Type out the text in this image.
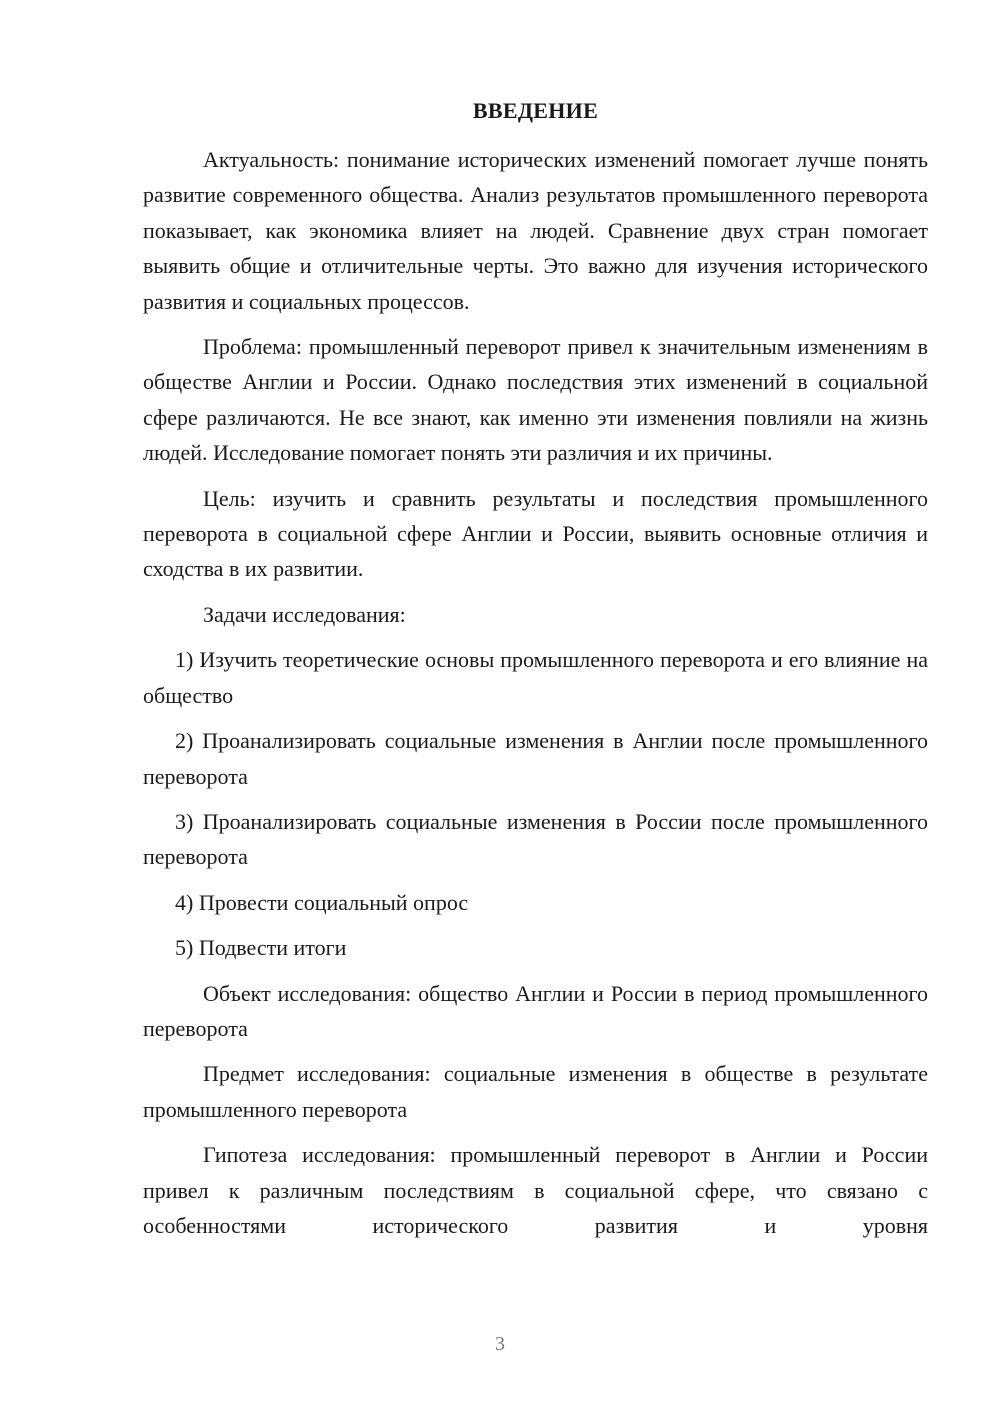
ВВЕДЕНИЕ

Актуальность: понимание исторических изменений помогает лучше понять развитие современного общества. Анализ результатов промышленного переворота показывает, как экономика влияет на людей. Сравнение двух стран помогает выявить общие и отличительные черты. Это важно для изучения исторического развития и социальных процессов.

Проблема: промышленный переворот привел к значительным изменениям в обществе Англии и России. Однако последствия этих изменений в социальной сфере различаются. Не все знают, как именно эти изменения повлияли на жизнь людей. Исследование помогает понять эти различия и их причины.

Цель: изучить и сравнить результаты и последствия промышленного переворота в социальной сфере Англии и России, выявить основные отличия и сходства в их развитии.

Задачи исследования:

1) Изучить теоретические основы промышленного переворота и его влияние на общество

2) Проанализировать социальные изменения в Англии после промышленного переворота

3) Проанализировать социальные изменения в России после промышленного переворота

4) Провести социальный опрос

5) Подвести итоги

Объект исследования: общество Англии и России в период промышленного переворота

Предмет исследования: социальные изменения в обществе в результате промышленного переворота

Гипотеза исследования: промышленный переворот в Англии и России привел к различным последствиям в социальной сфере, что связано с особенностями исторического развития и уровня

3
